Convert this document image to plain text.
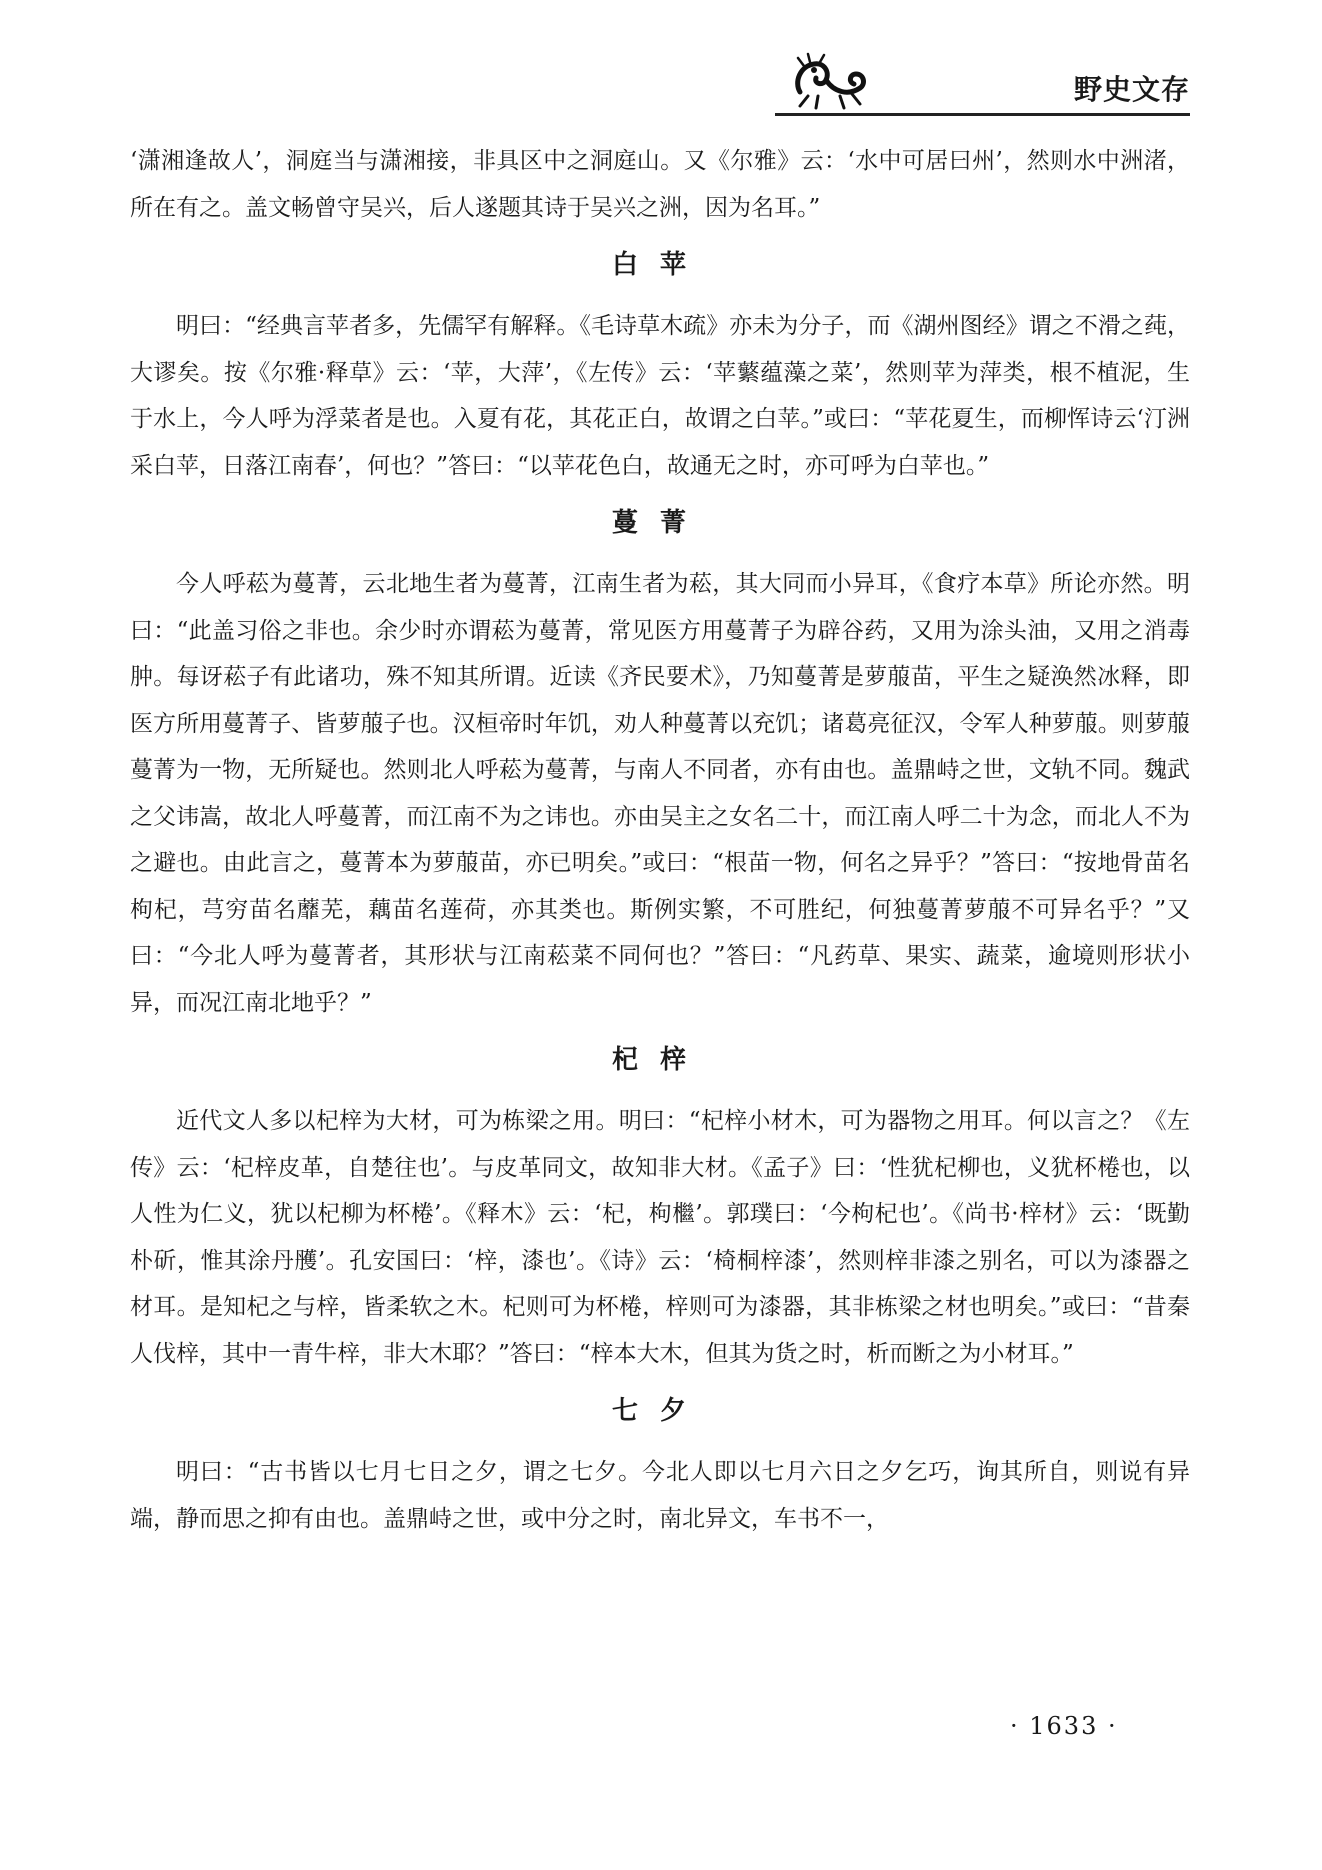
野史文存

‘潇湘逢故人’，洞庭当与潇湘接，非具区中之洞庭山。又《尔雅》云：‘水中可居曰州’，然则水中洲渚，所在有之。盖文畅曾守吴兴，后人遂题其诗于吴兴之洲，因为名耳。”

白苹

明曰：“经典言苹者多，先儒罕有解释。《毛诗草木疏》亦未为分子，而《湖州图经》谓之不滑之莼，大谬矣。按《尔雅·释草》云：‘苹，大萍’，《左传》云：‘苹蘩蕴藻之菜’，然则苹为萍类，根不植泥，生于水上，今人呼为浮菜者是也。入夏有花，其花正白，故谓之白苹。”或曰：“苹花夏生，而柳恽诗云‘汀洲采白苹，日落江南春’，何也？”答曰：“以苹花色白，故通无之时，亦可呼为白苹也。”

蔓菁

今人呼菘为蔓菁，云北地生者为蔓菁，江南生者为菘，其大同而小异耳，《食疗本草》所论亦然。明曰：“此盖习俗之非也。余少时亦谓菘为蔓菁，常见医方用蔓菁子为辟谷药，又用为涂头油，又用之消毒肿。每讶菘子有此诸功，殊不知其所谓。近读《齐民要术》，乃知蔓菁是萝菔苗，平生之疑涣然冰释，即医方所用蔓菁子、皆萝菔子也。汉桓帝时年饥，劝人种蔓菁以充饥；诸葛亮征汉，令军人种萝菔。则萝菔蔓菁为一物，无所疑也。然则北人呼菘为蔓菁，与南人不同者，亦有由也。盖鼎峙之世，文轨不同。魏武之父讳嵩，故北人呼蔓菁，而江南不为之讳也。亦由吴主之女名二十，而江南人呼二十为念，而北人不为之避也。由此言之，蔓菁本为萝菔苗，亦已明矣。”或曰：“根苗一物，何名之异乎？”答曰：“按地骨苗名枸杞，芎穷苗名蘼芜，藕苗名莲荷，亦其类也。斯例实繁，不可胜纪，何独蔓菁萝菔不可异名乎？”又曰：“今北人呼为蔓菁者，其形状与江南菘菜不同何也？”答曰：“凡药草、果实、蔬菜，逾境则形状小异，而况江南北地乎？”

杞梓

近代文人多以杞梓为大材，可为栋梁之用。明曰：“杞梓小材木，可为器物之用耳。何以言之？《左传》云：‘杞梓皮革，自楚往也’。与皮革同文，故知非大材。《孟子》曰：‘性犹杞柳也，义犹杯棬也，以人性为仁义，犹以杞柳为杯棬’。《释木》云：‘杞，枸檵’。郭璞曰：‘今枸杞也’。《尚书·梓材》云：‘既勤朴斫，惟其涂丹雘’。孔安国曰：‘梓，漆也’。《诗》云：‘椅桐梓漆’，然则梓非漆之别名，可以为漆器之材耳。是知杞之与梓，皆柔软之木。杞则可为杯棬，梓则可为漆器，其非栋梁之材也明矣。”或曰：“昔秦人伐梓，其中一青牛梓，非大木耶？”答曰：“梓本大木，但其为货之时，析而断之为小材耳。”

七夕

明曰：“古书皆以七月七日之夕，谓之七夕。今北人即以七月六日之夕乞巧，询其所自，则说有异端，静而思之抑有由也。盖鼎峙之世，或中分之时，南北异文，车书不一，

· 1633 ·
